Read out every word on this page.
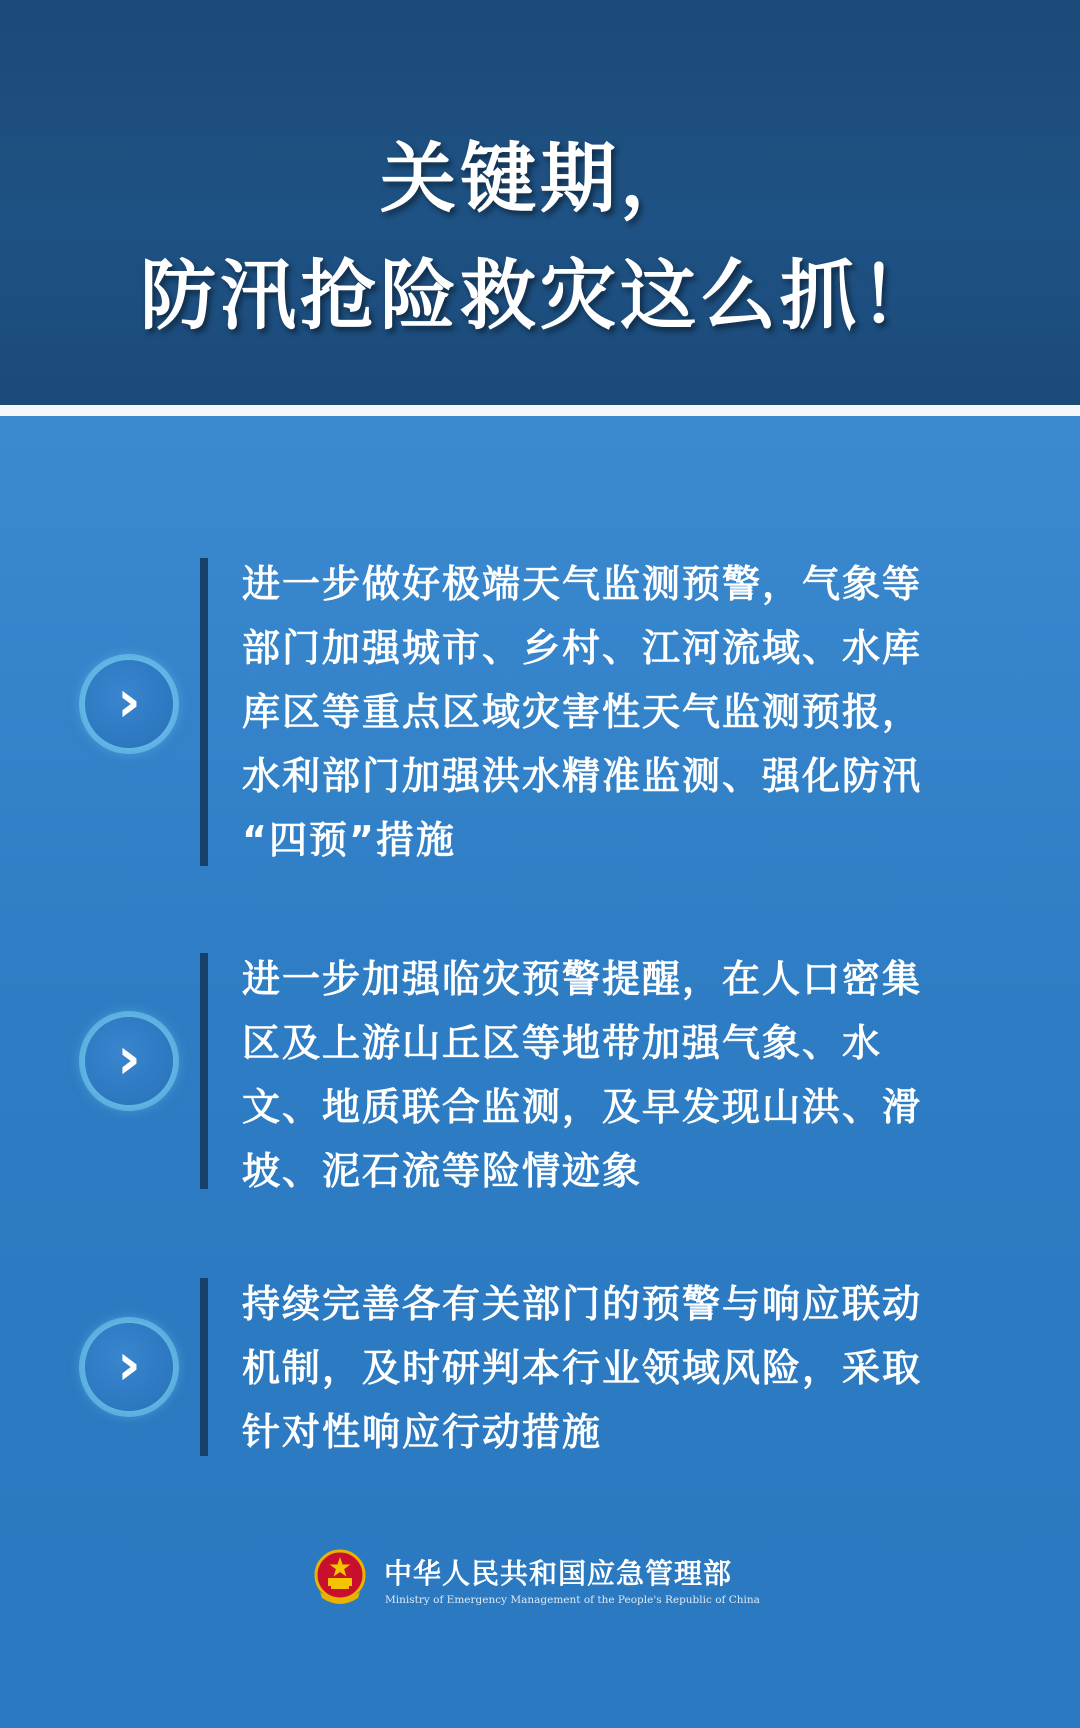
关键期，
防汛抢险救灾这么抓！
›
进一步做好极端天气监测预警，气象等
部门加强城市、乡村、江河流域、水库
库区等重点区域灾害性天气监测预报，
水利部门加强洪水精准监测、强化防汛
“四预”措施
›
进一步加强临灾预警提醒，在人口密集
区及上游山丘区等地带加强气象、水
文、地质联合监测，及早发现山洪、滑
坡、泥石流等险情迹象
›
持续完善各有关部门的预警与响应联动
机制，及时研判本行业领域风险，采取
针对性响应行动措施
中华人民共和国应急管理部
Ministry of Emergency Management of the People's Republic of China
